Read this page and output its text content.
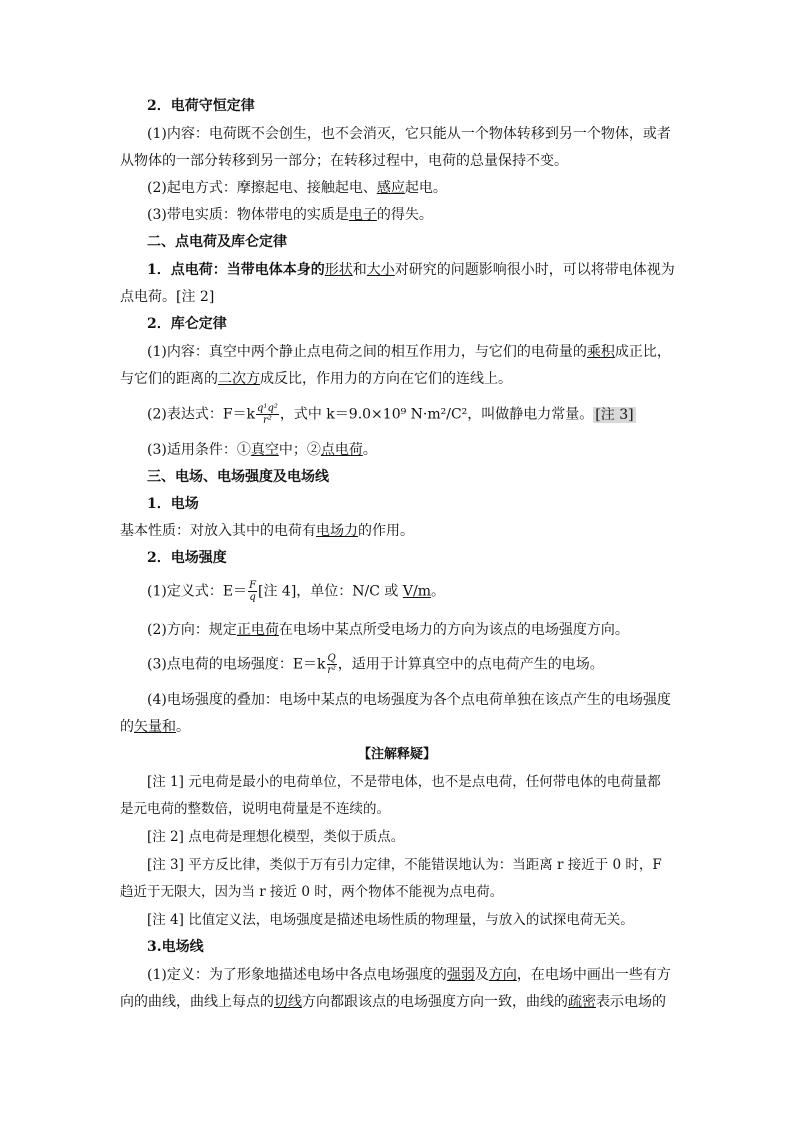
2．电荷守恒定律
(1)内容：电荷既不会创生，也不会消灭，它只能从一个物体转移到另一个物体，或者
从物体的一部分转移到另一部分；在转移过程中，电荷的总量保持不变。
(2)起电方式：摩擦起电、接触起电、感应起电。
(3)带电实质：物体带电的实质是电子的得失。
二、点电荷及库仑定律
1．点电荷：当带电体本身的形状和大小对研究的问题影响很小时，可以将带电体视为
点电荷。[注 2]
2．库仑定律
(1)内容：真空中两个静止点电荷之间的相互作用力，与它们的电荷量的乘积成正比，
与它们的距离的二次方成反比，作用力的方向在它们的连线上。
(2)表达式：$F=k \frac{\text{q¹q²}}{\text{r²}}$ ，式中 k＝9.0×10⁹ N·m²/C²，叫做静电力常量。 [注 3]
(3)适用条件：①真空中；②点电荷。
三、电场、电场强度及电场线
1．电场
基本性质：对放入其中的电荷有电场力的作用。
2．电场强度
(1)定义式：$E= \frac{F}{q}$ [注 4]，单位：N/C 或 V/m。
(2)方向：规定正电荷在电场中某点所受电场力的方向为该点的电场强度方向。
(3)点电荷的电场强度：$E=k \frac{Q}{\text{r²}}$ ，适用于计算真空中的点电荷产生的电场。
(4)电场强度的叠加：电场中某点的电场强度为各个点电荷单独在该点产生的电场强度
的矢量和。
【注解释疑】
[注 1] 元电荷是最小的电荷单位，不是带电体，也不是点电荷，任何带电体的电荷量都
是元电荷的整数倍，说明电荷量是不连续的。
[注 2] 点电荷是理想化模型，类似于质点。
[注 3] 平方反比律，类似于万有引力定律，不能错误地认为：当距离 r 接近于 0 时，F
趋近于无限大，因为当 r 接近 0 时，两个物体不能视为点电荷。
[注 4] 比值定义法，电场强度是描述电场性质的物理量，与放入的试探电荷无关。
3.电场线
(1)定义：为了形象地描述电场中各点电场强度的强弱及方向，在电场中画出一些有方
向的曲线，曲线上每点的切线方向都跟该点的电场强度方向一致，曲线的疏密表示电场的
